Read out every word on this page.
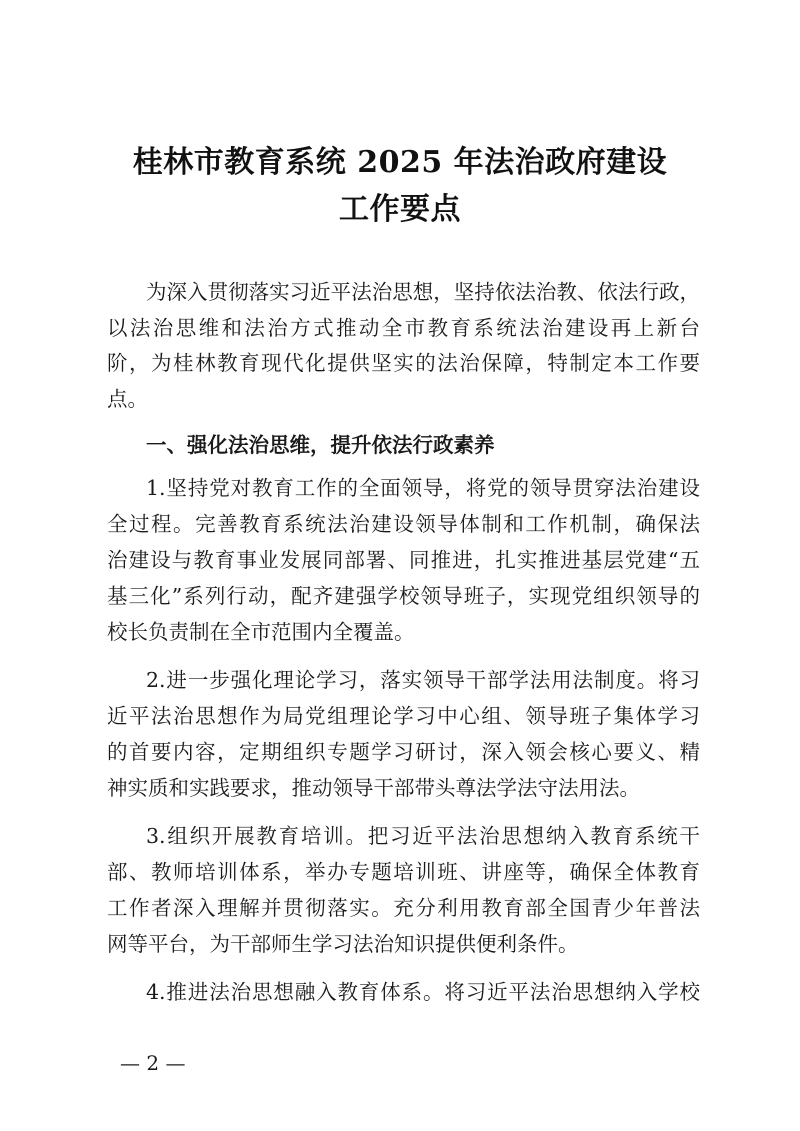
桂林市教育系统 2025 年法治政府建设
工作要点
为深入贯彻落实习近平法治思想，坚持依法治教、依法行政，
以法治思维和法治方式推动全市教育系统法治建设再上新台
阶，为桂林教育现代化提供坚实的法治保障，特制定本工作要
点。
一、强化法治思维，提升依法行政素养
1.坚持党对教育工作的全面领导，将党的领导贯穿法治建设
全过程。完善教育系统法治建设领导体制和工作机制，确保法
治建设与教育事业发展同部署、同推进，扎实推进基层党建“五
基三化”系列行动，配齐建强学校领导班子，实现党组织领导的
校长负责制在全市范围内全覆盖。
2.进一步强化理论学习，落实领导干部学法用法制度。将习
近平法治思想作为局党组理论学习中心组、领导班子集体学习
的首要内容，定期组织专题学习研讨，深入领会核心要义、精
神实质和实践要求，推动领导干部带头尊法学法守法用法。
3.组织开展教育培训。把习近平法治思想纳入教育系统干
部、教师培训体系，举办专题培训班、讲座等，确保全体教育
工作者深入理解并贯彻落实。充分利用教育部全国青少年普法
网等平台，为干部师生学习法治知识提供便利条件。
4.推进法治思想融入教育体系。将习近平法治思想纳入学校
— 2 —
